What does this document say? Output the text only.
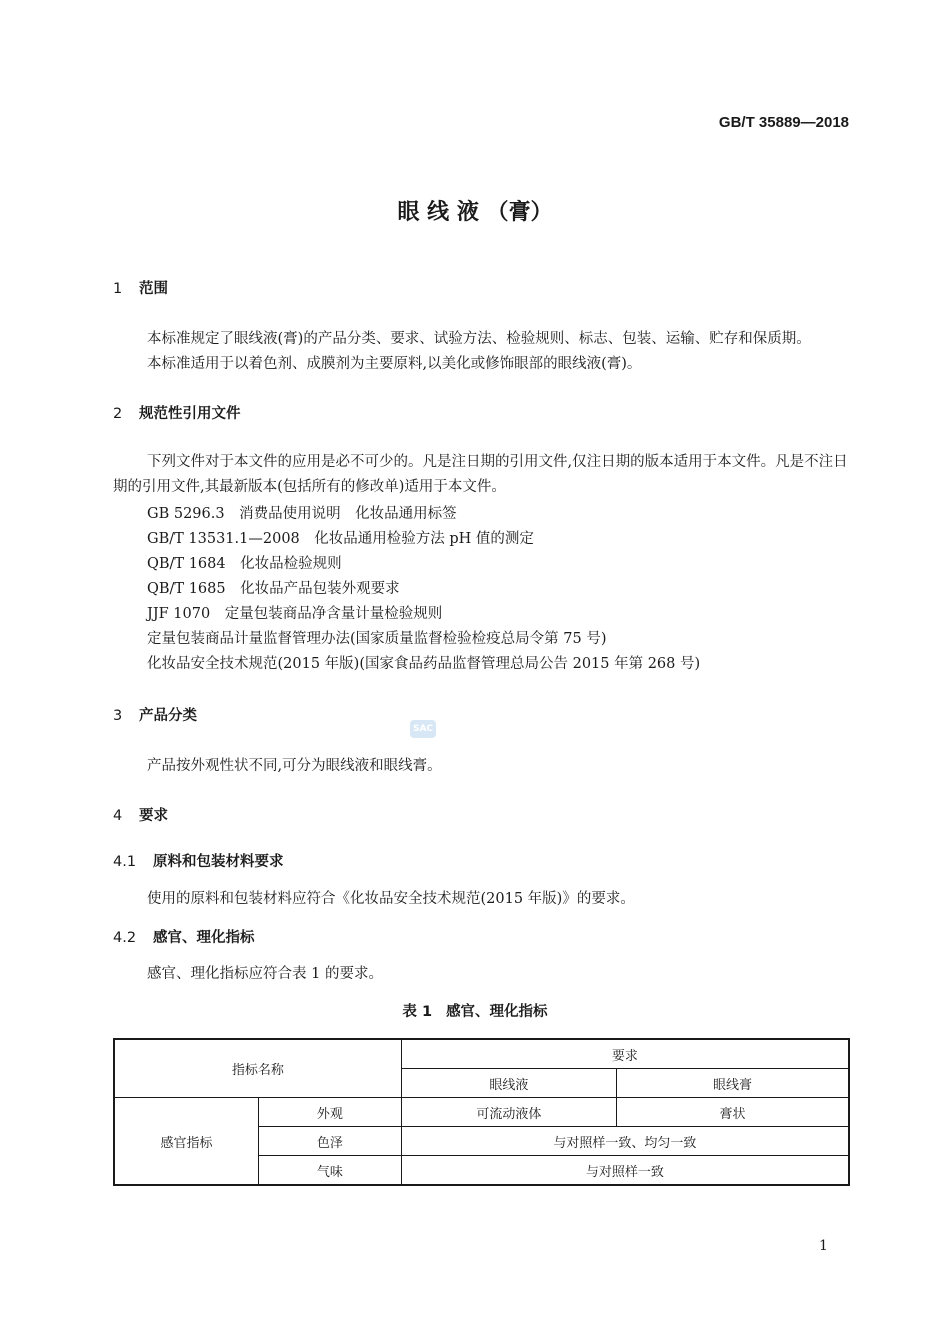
GB/T 35889—2018
眼 线 液 （膏）
1 范围
本标准规定了眼线液(膏)的产品分类、要求、试验方法、检验规则、标志、包装、运输、贮存和保质期。
本标准适用于以着色剂、成膜剂为主要原料,以美化或修饰眼部的眼线液(膏)。
2 规范性引用文件
下列文件对于本文件的应用是必不可少的。凡是注日期的引用文件,仅注日期的版本适用于本文件。凡是不注日期的引用文件,其最新版本(包括所有的修改单)适用于本文件。
GB 5296.3　消费品使用说明　化妆品通用标签
GB/T 13531.1—2008　化妆品通用检验方法 pH 值的测定
QB/T 1684　化妆品检验规则
QB/T 1685　化妆品产品包装外观要求
JJF 1070　定量包装商品净含量计量检验规则
定量包装商品计量监督管理办法(国家质量监督检验检疫总局令第 75 号)
化妆品安全技术规范(2015 年版)(国家食品药品监督管理总局公告 2015 年第 268 号)
3 产品分类
SAC
产品按外观性状不同,可分为眼线液和眼线膏。
4 要求
4.1 原料和包装材料要求
使用的原料和包装材料应符合《化妆品安全技术规范(2015 年版)》的要求。
4.2 感官、理化指标
感官、理化指标应符合表 1 的要求。
表 1 感官、理化指标
指标名称		要求	
		眼线液	眼线膏
感官指标	外观	可流动液体	膏状
	色泽	与对照样一致、均匀一致	
	气味	与对照样一致	
1
